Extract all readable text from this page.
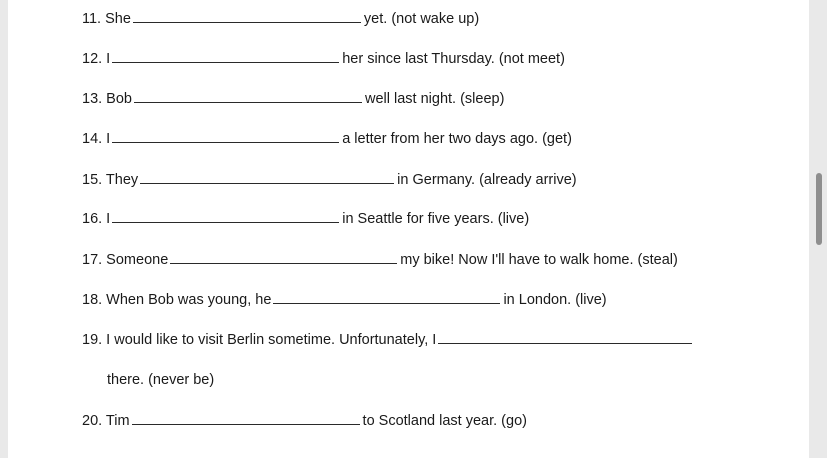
11. She	yet. (not wake up)
12. I	her since last Thursday. (not meet)
13. Bob	well last night. (sleep)
14. I	a letter from her two days ago. (get)
15. They	in Germany. (already arrive)
16. I	in Seattle for five years. (live)
17. Someone	my bike! Now I'll have to walk home. (steal)
18. When Bob was young, he	in London. (live)
19. I would like to visit Berlin sometime. Unfortunately, I
there. (never be)
20. Tim	to Scotland last year. (go)
